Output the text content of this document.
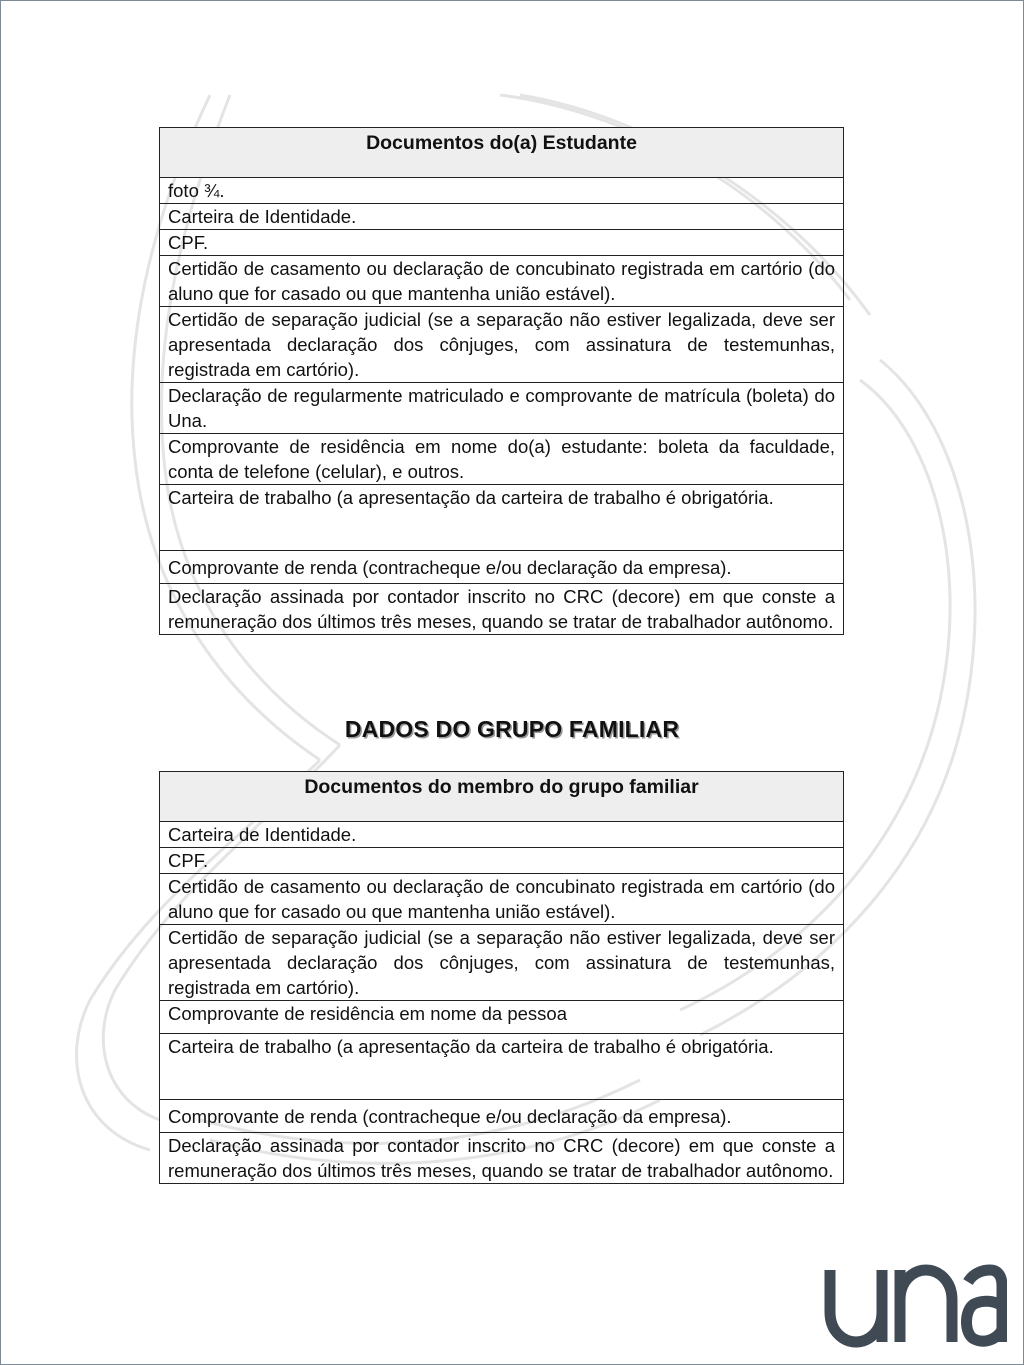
Documentos do(a) Estudante
foto ¾.
Carteira de Identidade.
CPF.
Certidão de casamento ou declaração de concubinato registrada em cartório (do aluno que for casado ou que mantenha união estável).
Certidão de separação judicial (se a separação não estiver legalizada, deve ser apresentada declaração dos cônjuges, com assinatura de testemunhas, registrada em cartório).
Declaração de regularmente matriculado e comprovante de matrícula (boleta) do Una.
Comprovante de residência em nome do(a) estudante: boleta da faculdade, conta de telefone (celular), e outros.
Carteira de trabalho (a apresentação da carteira de trabalho é obrigatória.
Comprovante de renda (contracheque e/ou declaração da empresa).
Declaração assinada por contador inscrito no CRC (decore) em que conste a remuneração dos últimos três meses, quando se tratar de trabalhador autônomo.
DADOS DO GRUPO FAMILIAR
Documentos do membro do grupo familiar
Carteira de Identidade.
CPF.
Certidão de casamento ou declaração de concubinato registrada em cartório (do aluno que for casado ou que mantenha união estável).
Certidão de separação judicial (se a separação não estiver legalizada, deve ser apresentada declaração dos cônjuges, com assinatura de testemunhas, registrada em cartório).
Comprovante de residência em nome da pessoa
Carteira de trabalho (a apresentação da carteira de trabalho é obrigatória.
Comprovante de renda (contracheque e/ou declaração da empresa).
Declaração assinada por contador inscrito no CRC (decore) em que conste a remuneração dos últimos três meses, quando se tratar de trabalhador autônomo.
